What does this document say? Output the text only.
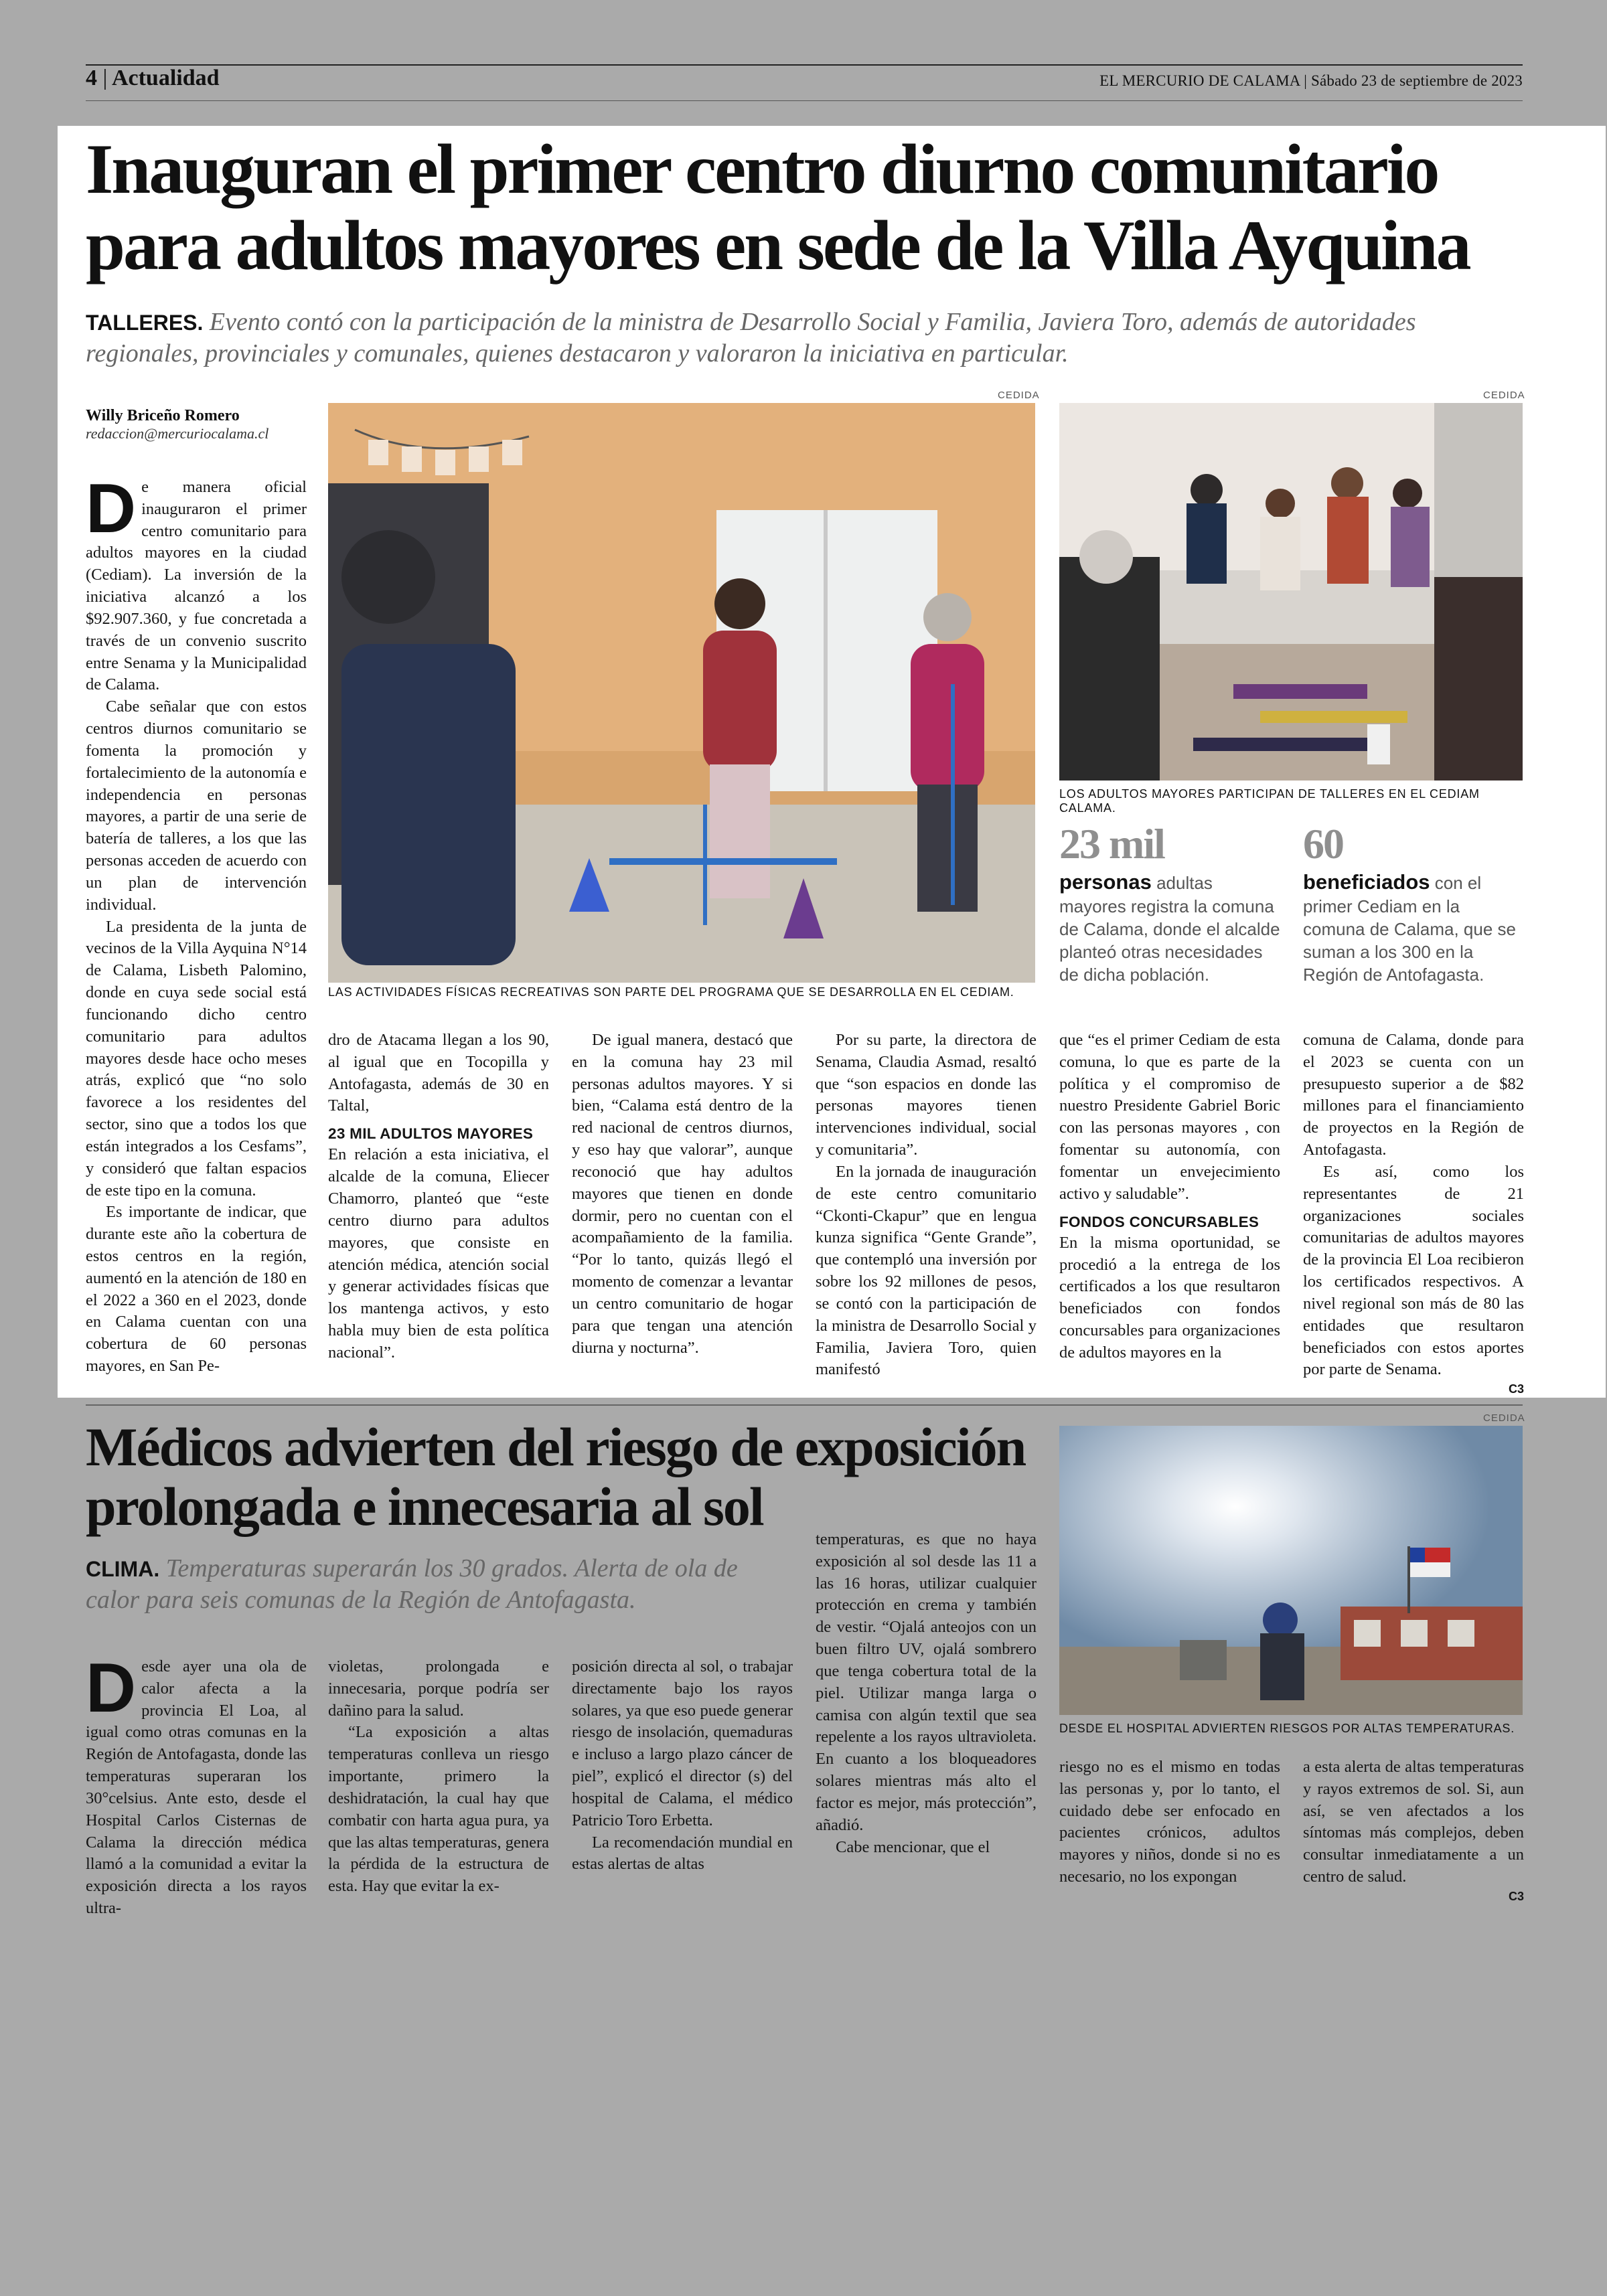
4 | Actualidad	EL MERCURIO DE CALAMA | Sábado 23 de septiembre de 2023
Inauguran el primer centro diurno comunitario
para adultos mayores en sede de la Villa Ayquina
TALLERES. Evento contó con la participación de la ministra de Desarrollo Social y Familia, Javiera Toro, además de autoridades regionales, provinciales y comunales, quienes destacaron y valoraron la iniciativa en particular.
Willy Briceño Romero
redaccion@mercuriocalama.cl
D e manera oficial inauguraron el primer centro comunitario para adultos mayores en la ciudad (Cediam). La inversión de la iniciativa alcanzó a los $92.907.360, y fue concretada a través de un convenio suscrito entre Senama y la Municipalidad de Calama.

Cabe señalar que con estos centros diurnos comunitario se fomenta la promoción y fortalecimiento de la autonomía e independencia en personas mayores, a partir de una serie de batería de talleres, a los que las personas acceden de acuerdo con un plan de intervención individual.

La presidenta de la junta de vecinos de la Villa Ayquina N°14 de Calama, Lisbeth Palomino, donde en cuya sede social está funcionando dicho centro comunitario para adultos mayores desde hace ocho meses atrás, explicó que “no solo favorece a los residentes del sector, sino que a todos los que están integrados a los Cesfams”, y consideró que faltan espacios de este tipo en la comuna.

Es importante de indicar, que durante este año la cobertura de estos centros en la región, aumentó en la atención de 180 en el 2022 a 360 en el 2023, donde en Calama cuentan con una cobertura de 60 personas mayores, en San Pe-

CEDIDA
LAS ACTIVIDADES FÍSICAS RECREATIVAS SON PARTE DEL PROGRAMA QUE SE DESARROLLA EN EL CEDIAM.
CEDIDA
LOS ADULTOS MAYORES PARTICIPAN DE TALLERES EN EL CEDIAM CALAMA.
23 mil
personas adultas mayores registra la comuna de Calama, donde el alcalde planteó otras necesidades de dicha población.
60
beneficiados con el primer Cediam en la comuna de Calama, que se suman a los 300 en la Región de Antofagasta.

dro de Atacama llegan a los 90, al igual que en Tocopilla y Antofagasta, además de 30 en Taltal,

23 MIL ADULTOS MAYORES

En relación a esta iniciativa, el alcalde de la comuna, Eliecer Chamorro, planteó que “este centro diurno para adultos mayores, que consiste en atención médica, atención social y generar actividades físicas que los mantenga activos, y esto habla muy bien de esta política nacional”.

De igual manera, destacó que en la comuna hay 23 mil personas adultos mayores. Y si bien, “Calama está dentro de la red nacional de centros diurnos, y eso hay que valorar”, aunque reconoció que hay adultos mayores que tienen en donde dormir, pero no cuentan con el acompañamiento de la familia. “Por lo tanto, quizás llegó el momento de comenzar a levantar un centro comunitario de hogar para que tengan una atención diurna y nocturna”.

Por su parte, la directora de Senama, Claudia Asmad, resaltó que “son espacios en donde las personas mayores tienen intervenciones individual, social y comunitaria”.

En la jornada de inauguración de este centro comunitario “Ckonti-Ckapur” que en lengua kunza significa “Gente Grande”, que contempló una inversión por sobre los 92 millones de pesos, se contó con la participación de la ministra de Desarrollo Social y Familia, Javiera Toro, quien manifestó

que “es el primer Cediam de esta comuna, lo que es parte de la política y el compromiso de nuestro Presidente Gabriel Boric con las personas mayores , con fomentar su autonomía, con fomentar un envejecimiento activo y saludable”.

FONDOS CONCURSABLES

En la misma oportunidad, se procedió a la entrega de los certificados a los que resultaron beneficiados con fondos concursables para organizaciones de adultos mayores en la

comuna de Calama, donde para el 2023 se cuenta con un presupuesto superior a de $82 millones para el financiamiento de proyectos en la Región de Antofagasta.

Es así, como los representantes de 21 organizaciones sociales comunitarias de adultos mayores de la provincia El Loa recibieron los certificados respectivos. A nivel regional son más de 80 las entidades que resultaron beneficiados con estos aportes por parte de Senama.

C3
Médicos advierten del riesgo de exposición
prolongada e innecesaria al sol
CLIMA. Temperaturas superarán los 30 grados. Alerta de ola de calor para seis comunas de la Región de Antofagasta.
CEDIDA
DESDE EL HOSPITAL ADVIERTEN RIESGOS POR ALTAS TEMPERATURAS.
D esde ayer una ola de calor afecta a la provincia El Loa, al igual como otras comunas en la Región de Antofagasta, donde las temperaturas superaran los 30°celsius. Ante esto, desde el Hospital Carlos Cisternas de Calama la dirección médica llamó a la comunidad a evitar la exposición directa a los rayos ultra-

violetas, prolongada e innecesaria, porque podría ser dañino para la salud.

“La exposición a altas temperaturas conlleva un riesgo importante, primero la deshidratación, la cual hay que combatir con harta agua pura, ya que las altas temperaturas, genera la pérdida de la estructura de esta. Hay que evitar la ex-

posición directa al sol, o trabajar directamente bajo los rayos solares, ya que eso puede generar riesgo de insolación, quemaduras e incluso a largo plazo cáncer de piel”, explicó el director (s) del hospital de Calama, el médico Patricio Toro Erbetta.

La recomendación mundial en estas alertas de altas

temperaturas, es que no haya exposición al sol desde las 11 a las 16 horas, utilizar cualquier protección en crema y también de vestir. “Ojalá anteojos con un buen filtro UV, ojalá sombrero que tenga cobertura total de la piel. Utilizar manga larga o camisa con algún textil que sea repelente a los rayos ultravioleta. En cuanto a los bloqueadores solares mientras más alto el factor es mejor, más protección”, añadió.

Cabe mencionar, que el

riesgo no es el mismo en todas las personas y, por lo tanto, el cuidado debe ser enfocado en pacientes crónicos, adultos mayores y niños, donde si no es necesario, no los expongan

a esta alerta de altas temperaturas y rayos extremos de sol. Si, aun así, se ven afectados a los síntomas más complejos, deben consultar inmediatamente a un centro de salud.

C3
